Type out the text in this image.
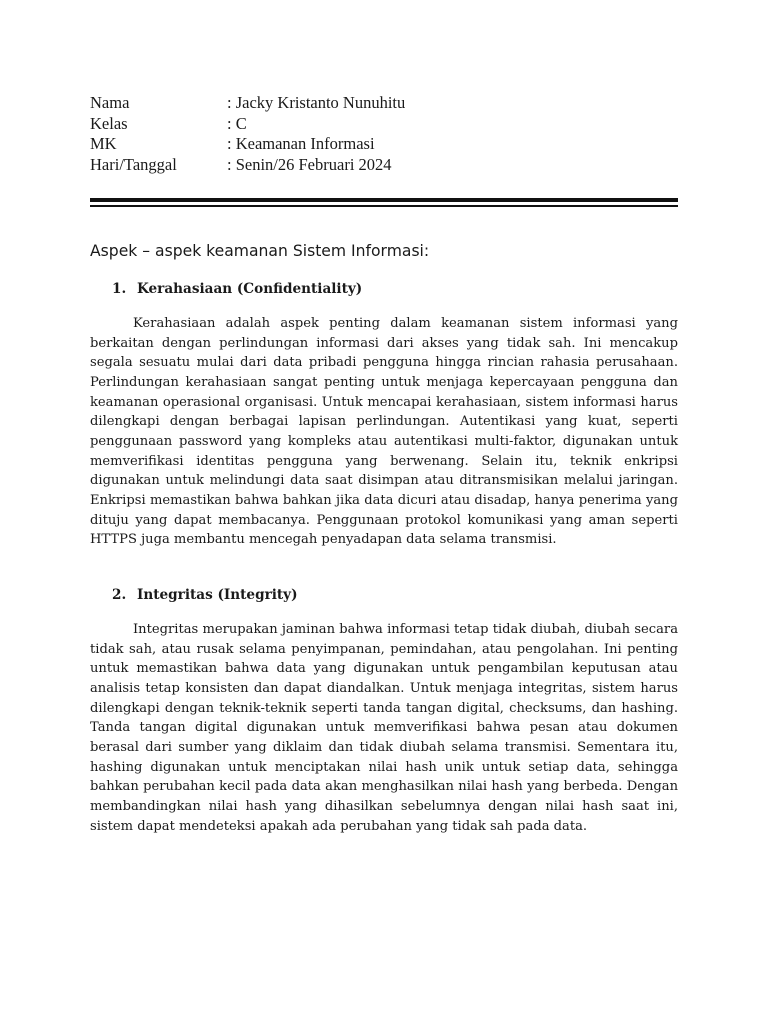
Nama	: Jacky Kristanto Nunuhitu
Kelas	: C
MK	: Keamanan Informasi
Hari/Tanggal	: Senin/26 Februari 2024
Aspek – aspek keamanan Sistem Informasi:
1. Kerahasiaan (Confidentiality)

Kerahasiaan adalah aspek penting dalam keamanan sistem informasi yang berkaitan dengan perlindungan informasi dari akses yang tidak sah. Ini mencakup segala sesuatu mulai dari data pribadi pengguna hingga rincian rahasia perusahaan. Perlindungan kerahasiaan sangat penting untuk menjaga kepercayaan pengguna dan keamanan operasional organisasi. Untuk mencapai kerahasiaan, sistem informasi harus dilengkapi dengan berbagai lapisan perlindungan. Autentikasi yang kuat, seperti penggunaan password yang kompleks atau autentikasi multi-faktor, digunakan untuk memverifikasi identitas pengguna yang berwenang. Selain itu, teknik enkripsi digunakan untuk melindungi data saat disimpan atau ditransmisikan melalui jaringan. Enkripsi memastikan bahwa bahkan jika data dicuri atau disadap, hanya penerima yang dituju yang dapat membacanya. Penggunaan protokol komunikasi yang aman seperti HTTPS juga membantu mencegah penyadapan data selama transmisi.

2. Integritas (Integrity)

Integritas merupakan jaminan bahwa informasi tetap tidak diubah, diubah secara tidak sah, atau rusak selama penyimpanan, pemindahan, atau pengolahan. Ini penting untuk memastikan bahwa data yang digunakan untuk pengambilan keputusan atau analisis tetap konsisten dan dapat diandalkan. Untuk menjaga integritas, sistem harus dilengkapi dengan teknik-teknik seperti tanda tangan digital, checksums, dan hashing. Tanda tangan digital digunakan untuk memverifikasi bahwa pesan atau dokumen berasal dari sumber yang diklaim dan tidak diubah selama transmisi. Sementara itu, hashing digunakan untuk menciptakan nilai hash unik untuk setiap data, sehingga bahkan perubahan kecil pada data akan menghasilkan nilai hash yang berbeda. Dengan membandingkan nilai hash yang dihasilkan sebelumnya dengan nilai hash saat ini, sistem dapat mendeteksi apakah ada perubahan yang tidak sah pada data.
